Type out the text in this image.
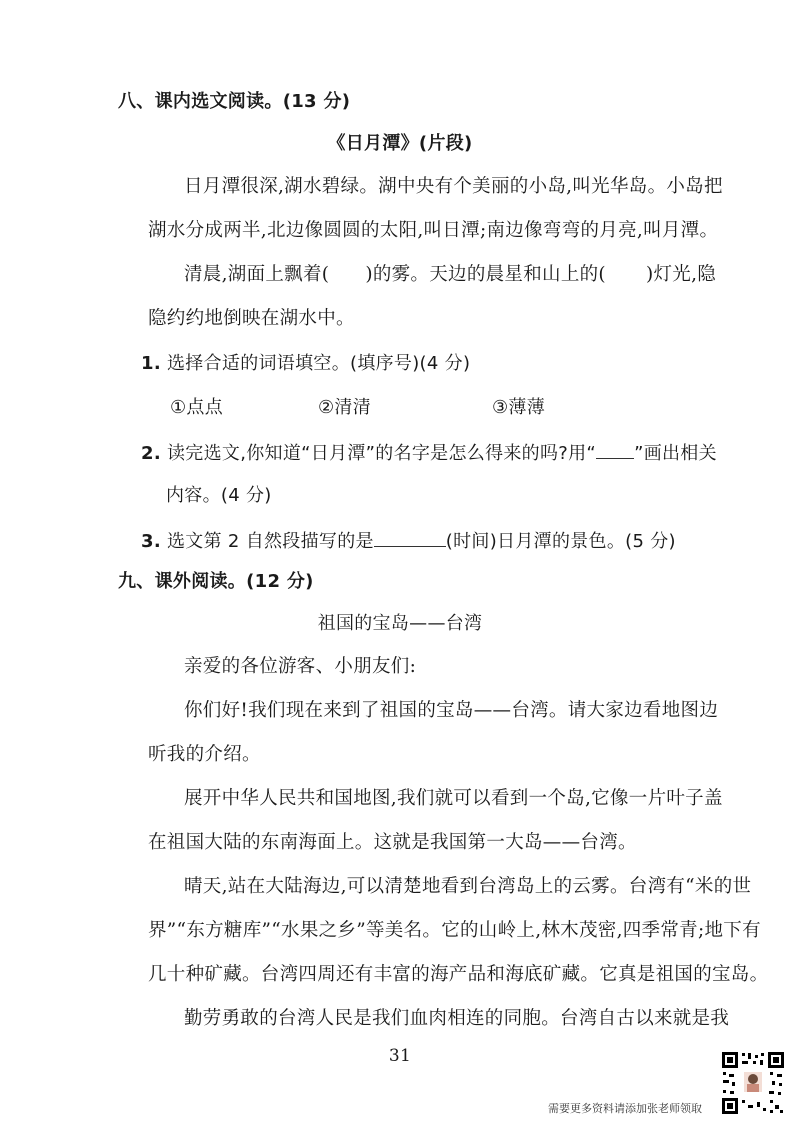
八、课内选文阅读。(13 分)
《日月潭》(片段)
日月潭很深,湖水碧绿。湖中央有个美丽的小岛,叫光华岛。小岛把
湖水分成两半,北边像圆圆的太阳,叫日潭;南边像弯弯的月亮,叫月潭。
清晨,湖面上飘着( )的雾。天边的晨星和山上的( )灯光,隐
隐约约地倒映在湖水中。
1. 选择合适的词语填空。(填序号)(4 分)
①点点	②清清	③薄薄
2. 读完选文,你知道“日月潭”的名字是怎么得来的吗?用“ ”画出相关
内容。(4 分)
3. 选文第 2 自然段描写的是	(时间)日月潭的景色。(5 分)
九、课外阅读。(12 分)
祖国的宝岛——台湾
亲爱的各位游客、小朋友们:
你们好!我们现在来到了祖国的宝岛——台湾。请大家边看地图边
听我的介绍。
展开中华人民共和国地图,我们就可以看到一个岛,它像一片叶子盖
在祖国大陆的东南海面上。这就是我国第一大岛——台湾。
晴天,站在大陆海边,可以清楚地看到台湾岛上的云雾。台湾有“米的世
界”“东方糖库”“水果之乡”等美名。它的山岭上,林木茂密,四季常青;地下有
几十种矿藏。台湾四周还有丰富的海产品和海底矿藏。它真是祖国的宝岛。
勤劳勇敢的台湾人民是我们血肉相连的同胞。台湾自古以来就是我
31
需要更多资料请添加张老师领取
